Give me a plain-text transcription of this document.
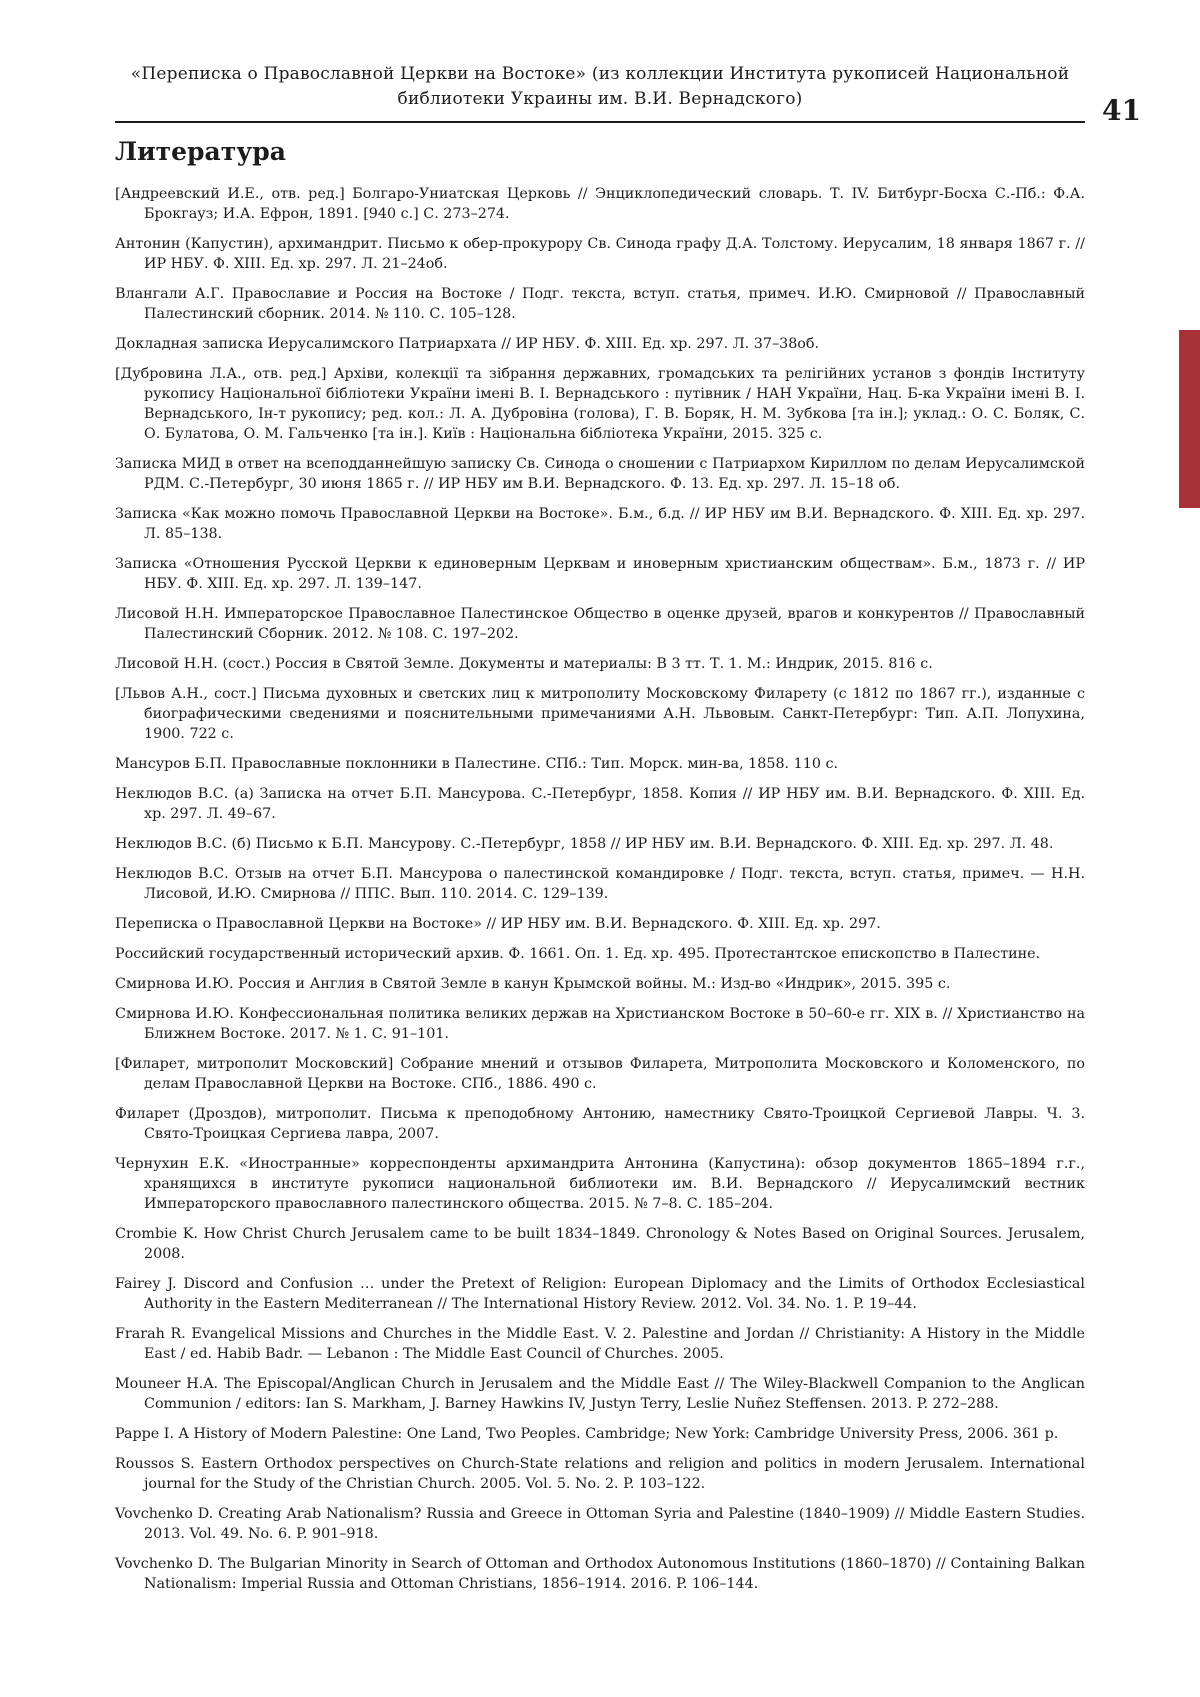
«Переписка о Православной Церкви на Востоке» (из коллекции Института рукописей Национальной библиотеки Украины им. В.И. Вернадского)	41
Литература
[Андреевский И.Е., отв. ред.] Болгаро-Униатская Церковь // Энциклопедический словарь. Т. IV. Битбург-Босха С.-Пб.: Ф.А. Брокгауз; И.А. Ефрон, 1891. [940 с.] С. 273–274.
Антонин (Капустин), архимандрит. Письмо к обер-прокурору Св. Синода графу Д.А. Толстому. Иерусалим, 18 января 1867 г. // ИР НБУ. Ф. XIII. Ед. хр. 297. Л. 21–24об.
Влангали А.Г. Православие и Россия на Востоке / Подг. текста, вступ. статья, примеч. И.Ю. Смирновой // Православный Палестинский сборник. 2014. № 110. С. 105–128.
Докладная записка Иерусалимского Патриархата // ИР НБУ. Ф. XIII. Ед. хр. 297. Л. 37–38об.
[Дубровина Л.А., отв. ред.] Архіви, колекції та зібрання державних, громадських та релігійних установ з фондів Інституту рукопису Національної бібліотеки України імені В. І. Вернадського : путівник / НАН України, Нац. Б-ка України імені В. І. Вернадського, Ін-т рукопису; ред. кол.: Л. А. Дубровіна (голова), Г. В. Боряк, Н. М. Зубкова [та ін.]; уклад.: О. С. Боляк, С. О. Булатова, О. М. Гальченко [та ін.]. Київ : Національна бібліотека України, 2015. 325 с.
Записка МИД в ответ на всеподданнейшую записку Св. Синода о сношении с Патриархом Кириллом по делам Иерусалимской РДМ. С.-Петербург, 30 июня 1865 г. // ИР НБУ им В.И. Вернадского. Ф. 13. Ед. хр. 297. Л. 15–18 об.
Записка «Как можно помочь Православной Церкви на Востоке». Б.м., б.д. // ИР НБУ им В.И. Вернадского. Ф. XIII. Ед. хр. 297. Л. 85–138.
Записка «Отношения Русской Церкви к единоверным Церквам и иноверным христианским обществам». Б.м., 1873 г. // ИР НБУ. Ф. XIII. Ед. хр. 297. Л. 139–147.
Лисовой Н.Н. Императорское Православное Палестинское Общество в оценке друзей, врагов и конкурентов // Православный Палестинский Сборник. 2012. № 108. С. 197–202.
Лисовой Н.Н. (сост.) Россия в Святой Земле. Документы и материалы: В 3 тт. Т. 1. М.: Индрик, 2015. 816 с.
[Львов А.Н., сост.] Письма духовных и светских лиц к митрополиту Московскому Филарету (с 1812 по 1867 гг.), изданные с биографическими сведениями и пояснительными примечаниями А.Н. Львовым. Санкт-Петербург: Тип. А.П. Лопухина, 1900. 722 с.
Мансуров Б.П. Православные поклонники в Палестине. СПб.: Тип. Морск. мин-ва, 1858. 110 с.
Неклюдов В.С. (а) Записка на отчет Б.П. Мансурова. С.-Петербург, 1858. Копия // ИР НБУ им. В.И. Вернадского. Ф. XIII. Ед. хр. 297. Л. 49–67.
Неклюдов В.С. (б) Письмо к Б.П. Мансурову. С.-Петербург, 1858 // ИР НБУ им. В.И. Вернадского. Ф. XIII. Ед. хр. 297. Л. 48.
Неклюдов В.С. Отзыв на отчет Б.П. Мансурова о палестинской командировке / Подг. текста, вступ. статья, примеч. — Н.Н. Лисовой, И.Ю. Смирнова // ППС. Вып. 110. 2014. С. 129–139.
Переписка о Православной Церкви на Востоке» // ИР НБУ им. В.И. Вернадского. Ф. XIII. Ед. хр. 297.
Российский государственный исторический архив. Ф. 1661. Оп. 1. Ед. хр. 495. Протестантское епископство в Палестине.
Смирнова И.Ю. Россия и Англия в Святой Земле в канун Крымской войны. М.: Изд-во «Индрик», 2015. 395 с.
Смирнова И.Ю. Конфессиональная политика великих держав на Христианском Востоке в 50–60-е гг. XIX в. // Христианство на Ближнем Востоке. 2017. № 1. С. 91–101.
[Филарет, митрополит Московский] Собрание мнений и отзывов Филарета, Митрополита Московского и Коломенского, по делам Православной Церкви на Востоке. СПб., 1886. 490 с.
Филарет (Дроздов), митрополит. Письма к преподобному Антонию, наместнику Свято-Троицкой Сергиевой Лавры. Ч. 3. Свято-Троицкая Сергиева лавра, 2007.
Чернухин Е.К. «Иностранные» корреспонденты архимандрита Антонина (Капустина): обзор документов 1865–1894 г.г., хранящихся в институте рукописи национальной библиотеки им. В.И. Вернадского // Иерусалимский вестник Императорского православного палестинского общества. 2015. № 7–8. С. 185–204.
Crombie K. How Christ Church Jerusalem came to be built 1834–1849. Chronology & Notes Based on Original Sources. Jerusalem, 2008.
Fairey J. Discord and Confusion … under the Pretext of Religion: European Diplomacy and the Limits of Orthodox Ecclesiastical Authority in the Eastern Mediterranean // The International History Review. 2012. Vol. 34. No. 1. P. 19–44.
Frarah R. Evangelical Missions and Churches in the Middle East. V. 2. Palestine and Jordan // Christianity: A History in the Middle East / ed. Habib Badr. — Lebanon : The Middle East Council of Churches. 2005.
Mouneer H.A. The Episcopal/Anglican Church in Jerusalem and the Middle East // The Wiley-Blackwell Companion to the Anglican Communion / editors: Ian S. Markham, J. Barney Hawkins IV, Justyn Terry, Leslie Nuñez Steffensen. 2013. P. 272–288.
Pappe I. A History of Modern Palestine: One Land, Two Peoples. Cambridge; New York: Cambridge University Press, 2006. 361 p.
Roussos S. Eastern Orthodox perspectives on Church-State relations and religion and politics in modern Jerusalem. International journal for the Study of the Christian Church. 2005. Vol. 5. No. 2. P. 103–122.
Vovchenko D. Creating Arab Nationalism? Russia and Greece in Ottoman Syria and Palestine (1840–1909) // Middle Eastern Studies. 2013. Vol. 49. No. 6. P. 901–918.
Vovchenko D. The Bulgarian Minority in Search of Ottoman and Orthodox Autonomous Institutions (1860–1870) // Containing Balkan Nationalism: Imperial Russia and Ottoman Christians, 1856–1914. 2016. P. 106–144.
